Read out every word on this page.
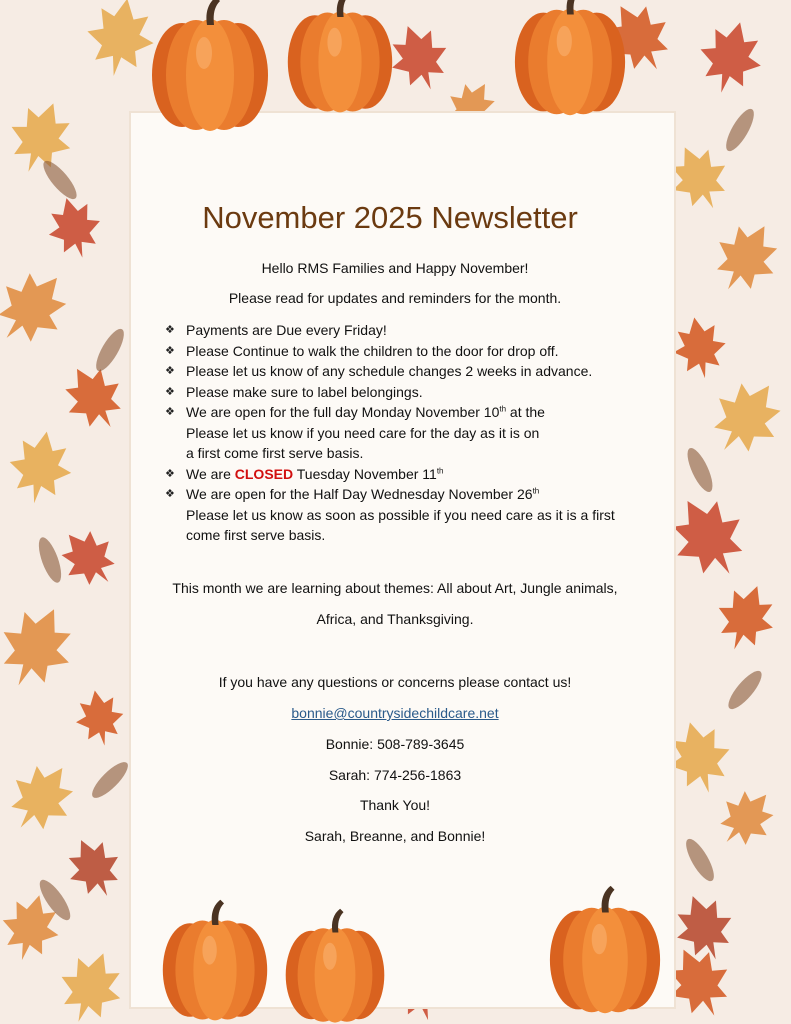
November 2025 Newsletter
Hello RMS Families and Happy November!
Please read for updates and reminders for the month.
❖ Payments are Due every Friday!
❖ Please Continue to walk the children to the door for drop off.
❖ Please let us know of any schedule changes 2 weeks in advance.
❖ Please make sure to label belongings.
❖ We are open for the full day Monday November 10th at the
Please let us know if you need care for the day as it is on
a first come first serve basis.
❖ We are CLOSED Tuesday November 11th
❖ We are open for the Half Day Wednesday November 26th
Please let us know as soon as possible if you need care as it is a first
come first serve basis.
This month we are learning about themes: All about Art, Jungle animals,
Africa, and Thanksgiving.
If you have any questions or concerns please contact us!
bonnie@countrysidechildcare.net
Bonnie: 508-789-3645
Sarah: 774-256-1863
Thank You!
Sarah, Breanne, and Bonnie!
